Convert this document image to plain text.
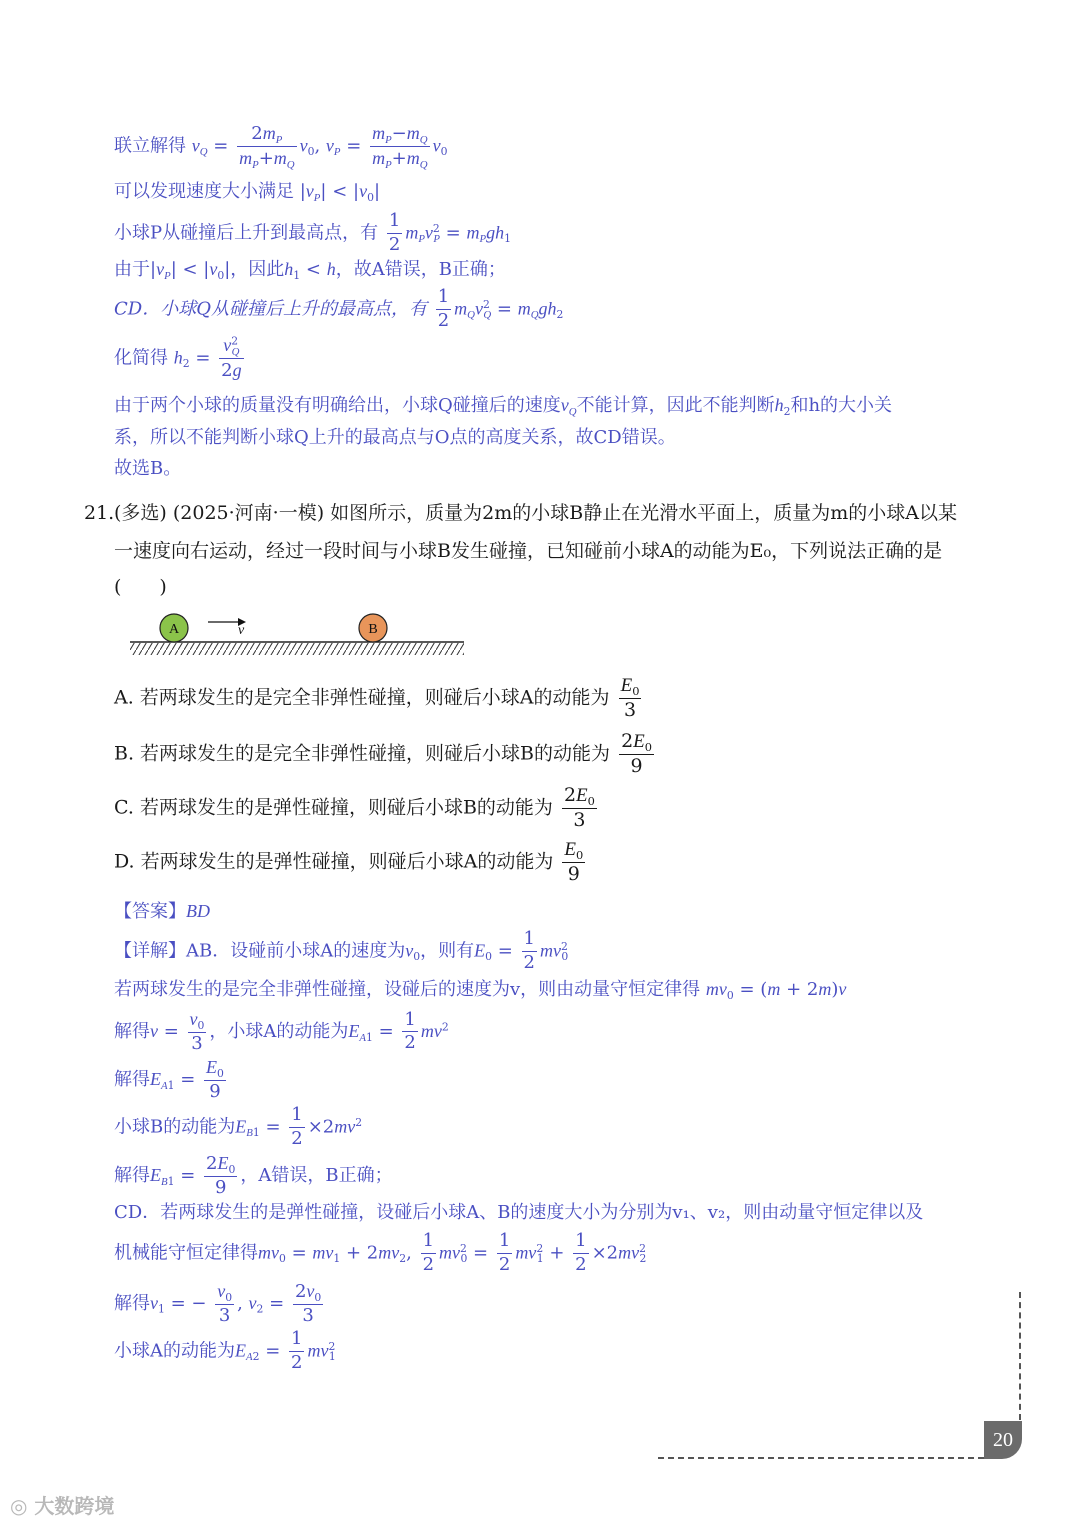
联立解得 $v_Q = \frac{2m_P}{m_P+m_Q} v_0$, $v_P = \frac{m_P-m_Q}{m_P+m_Q} v_0$
可以发现速度大小满足 $|v_P| < |v_0|$
小球P从碰撞后上升到最高点，有 $\frac{1}{2} m_Pv^2_P = m_Pgh_1$
由于$|v_P| < |v_0|$，因此$h_1 < h$，故A错误，B正确；
CD．小球Q从碰撞后上升的最高点，有 $\frac{1}{2} m_Qv^2_Q = m_Qgh_2$
化简得 $h_2 = \frac{v^2_Q}{2g}$
由于两个小球的质量没有明确给出，小球Q碰撞后的速度$v_Q$不能计算，因此不能判断$h_2$和h的大小关
系，所以不能判断小球Q上升的最高点与O点的高度关系，故CD错误。
故选B。
21. (多选) (2025·河南·一模) 如图所示，质量为2m的小球B静止在光滑水平面上，质量为m的小球A以某
一速度向右运动，经过一段时间与小球B发生碰撞，已知碰前小球A的动能为E₀，下列说法正确的是
(　　)
A	v	B
A. 若两球发生的是完全非弹性碰撞，则碰后小球A的动能为 $\frac{E_0}{3}$
B. 若两球发生的是完全非弹性碰撞，则碰后小球B的动能为 $\frac{2E_0}{9}$
C. 若两球发生的是弹性碰撞，则碰后小球B的动能为 $\frac{2E_0}{3}$
D. 若两球发生的是弹性碰撞，则碰后小球A的动能为 $\frac{E_0}{9}$
【答案】BD
【详解】AB．设碰前小球A的速度为$v_0$，则有$E_0 = \frac{1}{2} mv^2_0$
若两球发生的是完全非弹性碰撞，设碰后的速度为v，则由动量守恒定律得 $mv_0 = (m + 2m)v$
解得$v = \frac{v_0}{3}$ ，小球A的动能为$E_{A1} = \frac{1}{2} mv^2$
解得$E_{A1} = \frac{E_0}{9}$
小球B的动能为$E_{B1} = \frac{1}{2} \times 2mv^2$
解得$E_{B1} = \frac{2E_0}{9}$ ，A错误，B正确；
CD．若两球发生的是弹性碰撞，设碰后小球A、B的速度大小为分别为v₁、v₂，则由动量守恒定律以及
机械能守恒定律得$mv_0 = mv_1 + 2mv_2$, $\frac{1}{2} mv^2_0 = \frac{1}{2} mv^2_1 + \frac{1}{2} \times 2mv^2_2$
解得$v_1$ = − $\frac{v_0}{3}$ , $v_2 = \frac{2v_0}{3}$
小球A的动能为$E_{A2} = \frac{1}{2} mv^2_1$
20
◎ 大数跨境
